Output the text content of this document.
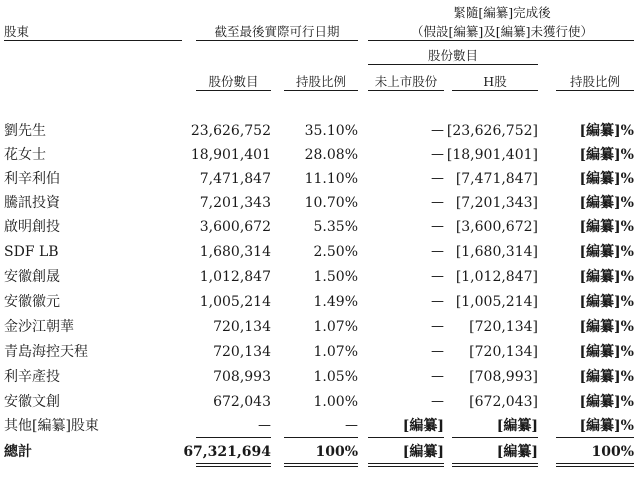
股東	截至最後實際可行日期
緊隨[編纂]完成後
（假設[編纂]及[編纂]未獲行使）
股份數目
股份數目	持股比例	未上市股份	H股	持股比例
劉先生	23,626,752 35.10%	— [23,626,752]	[編纂]%
花女士	18,901,401 28.08%	— [18,901,401]	[編纂]%
利辛利伯	7,471,847 11.10%	— [7,471,847]	[編纂]%
騰訊投資	7,201,343 10.70%	— [7,201,343]	[編纂]%
啟明創投	3,600,672	5.35%	— [3,600,672]	[編纂]%
SDF LB	1,680,314	2.50%	— [1,680,314]	[編纂]%
安徽創晟	1,012,847	1.50%	— [1,012,847]	[編纂]%
安徽徽元	1,005,214	1.49%	— [1,005,214]	[編纂]%
金沙江朝華	720,134	1.07%	— [720,134]	[編纂]%
青島海控天程	720,134	1.07%	— [720,134]	[編纂]%
利辛產投	708,993	1.05%	— [708,993]	[編纂]%
安徽文創	672,043	1.00%	— [672,043]	[編纂]%
其他[編纂]股東	—	—	[編纂]	[編纂]	[編纂]%
總計	67,321,694	100%	[編纂]	[編纂]	100%
